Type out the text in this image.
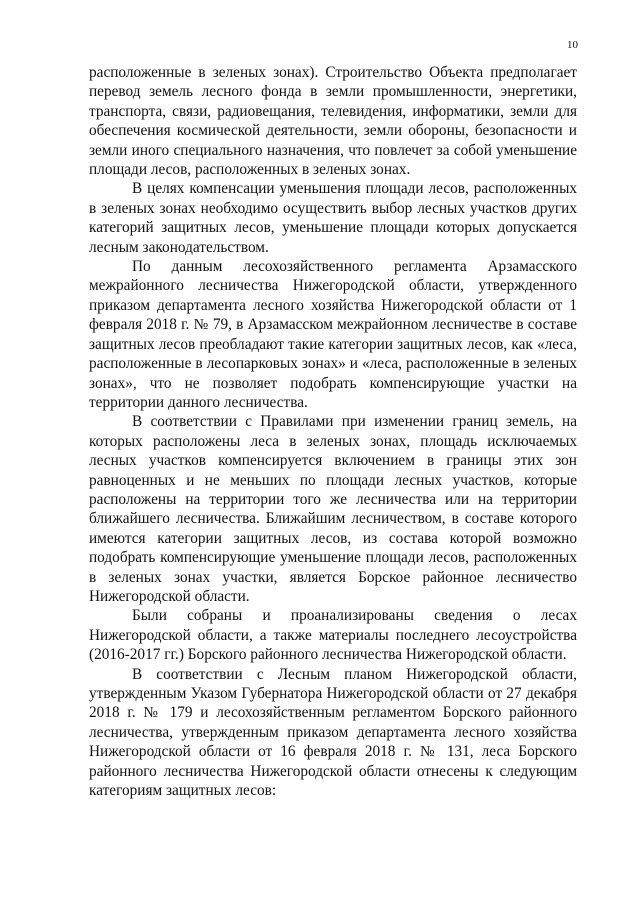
10

расположенные в зеленых зонах). Строительство Объекта предполагает перевод земель лесного фонда в земли промышленности, энергетики, транспорта, связи, радиовещания, телевидения, информатики, земли для обеспечения космической деятельности, земли обороны, безопасности и земли иного специального назначения, что повлечет за собой уменьшение площади лесов, расположенных в зеленых зонах.

В целях компенсации уменьшения площади лесов, расположенных в зеленых зонах необходимо осуществить выбор лесных участков других категорий защитных лесов, уменьшение площади которых допускается лесным законодательством.

По данным лесохозяйственного регламента Арзамасского межрайонного лесничества Нижегородской области, утвержденного приказом департамента лесного хозяйства Нижегородской области от 1 февраля 2018 г. № 79, в Арзамасском межрайонном лесничестве в составе защитных лесов преобладают такие категории защитных лесов, как «леса, расположенные в лесопарковых зонах» и «леса, расположенные в зеленых зонах», что не позволяет подобрать компенсирующие участки на территории данного лесничества.

В соответствии с Правилами при изменении границ земель, на которых расположены леса в зеленых зонах, площадь исключаемых лесных участков компенсируется включением в границы этих зон равноценных и не меньших по площади лесных участков, которые расположены на территории того же лесничества или на территории ближайшего лесничества. Ближайшим лесничеством, в составе которого имеются категории защитных лесов, из состава которой возможно подобрать компенсирующие уменьшение площади лесов, расположенных в зеленых зонах участки, является Борское районное лесничество Нижегородской области.

Были собраны и проанализированы сведения о лесах Нижегородской области, а также материалы последнего лесоустройства (2016-2017 гг.) Борского районного лесничества Нижегородской области.

В соответствии с Лесным планом Нижегородской области, утвержденным Указом Губернатора Нижегородской области от 27 декабря 2018 г. № 179 и лесохозяйственным регламентом Борского районного лесничества, утвержденным приказом департамента лесного хозяйства Нижегородской области от 16 февраля 2018 г. № 131, леса Борского районного лесничества Нижегородской области отнесены к следующим категориям защитных лесов:
